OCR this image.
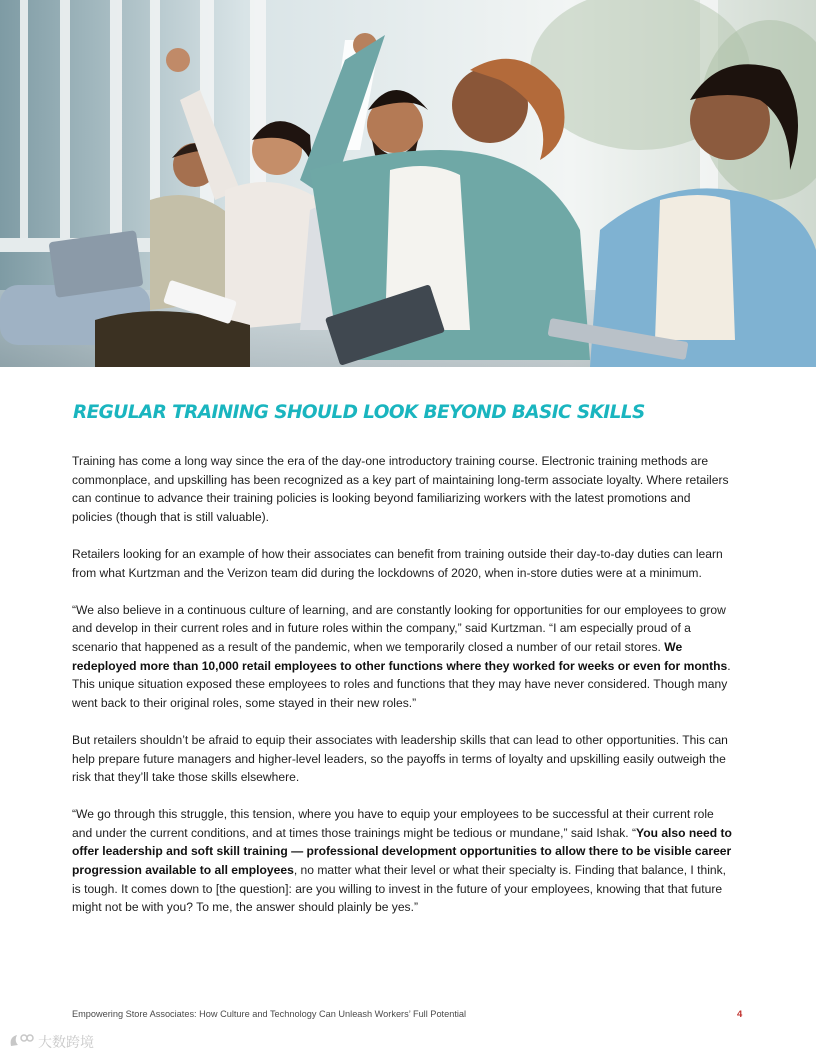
REGULAR TRAINING SHOULD LOOK BEYOND BASIC SKILLS

Training has come a long way since the era of the day-one introductory training course. Electronic training methods are commonplace, and upskilling has been recognized as a key part of maintaining long-term associate loyalty. Where retailers can continue to advance their training policies is looking beyond familiarizing workers with the latest promotions and policies (though that is still valuable).

Retailers looking for an example of how their associates can benefit from training outside their day-to-day duties can learn from what Kurtzman and the Verizon team did during the lockdowns of 2020, when in-store duties were at a minimum.

“We also believe in a continuous culture of learning, and are constantly looking for opportunities for our employees to grow and develop in their current roles and in future roles within the company,” said Kurtzman. “I am especially proud of a scenario that happened as a result of the pandemic, when we temporarily closed a number of our retail stores. We redeployed more than 10,000 retail employees to other functions where they worked for weeks or even for months. This unique situation exposed these employees to roles and functions that they may have never considered. Though many went back to their original roles, some stayed in their new roles.”

But retailers shouldn’t be afraid to equip their associates with leadership skills that can lead to other opportunities. This can help prepare future managers and higher-level leaders, so the payoffs in terms of loyalty and upskilling easily outweigh the risk that they’ll take those skills elsewhere.

“We go through this struggle, this tension, where you have to equip your employees to be successful at their current role and under the current conditions, and at times those trainings might be tedious or mundane,” said Ishak. “You also need to offer leadership and soft skill training — professional development opportunities to allow there to be visible career progression available to all employees, no matter what their level or what their specialty is. Finding that balance, I think, is tough. It comes down to [the question]: are you willing to invest in the future of your employees, knowing that that future might not be with you? To me, the answer should plainly be yes.”

Empowering Store Associates: How Culture and Technology Can Unleash Workers’ Full Potential	4
大数跨境
